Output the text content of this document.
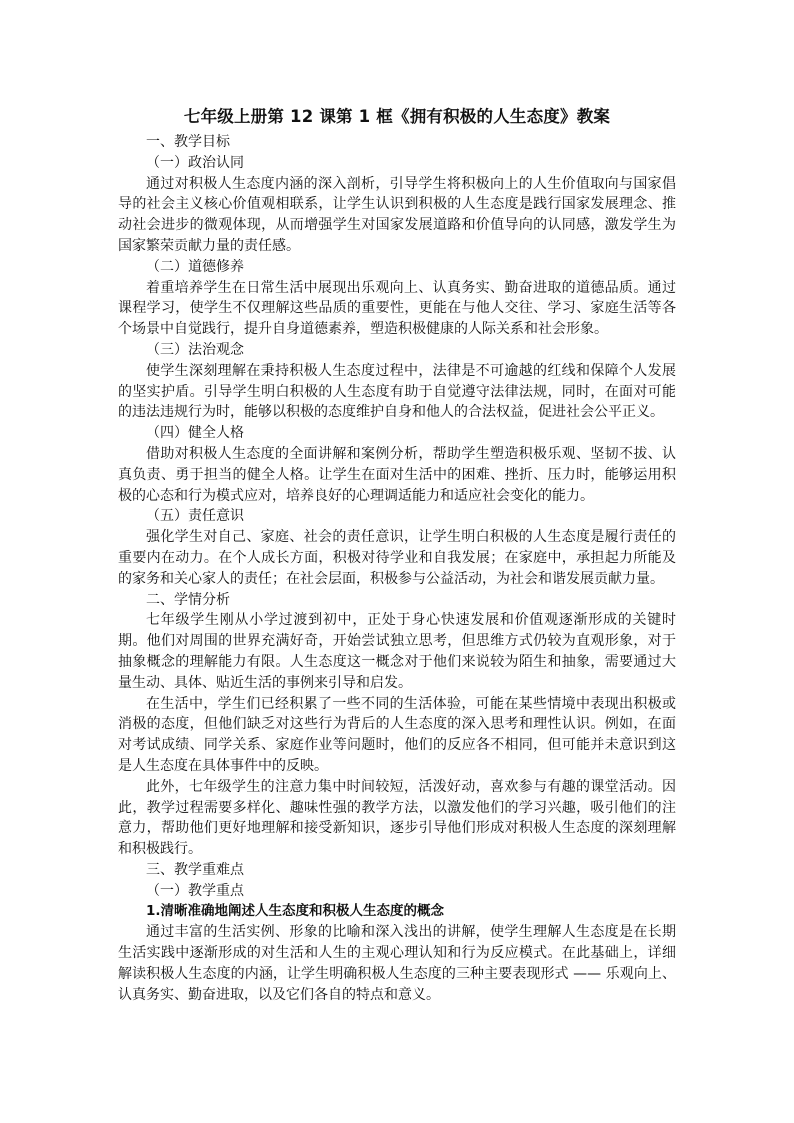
七年级上册第 12 课第 1 框《拥有积极的人生态度》教案
一、教学目标
（一）政治认同
通过对积极人生态度内涵的深入剖析，引导学生将积极向上的人生价值取向与国家倡导的社会主义核心价值观相联系，让学生认识到积极的人生态度是践行国家发展理念、推动社会进步的微观体现，从而增强学生对国家发展道路和价值导向的认同感，激发学生为国家繁荣贡献力量的责任感。
（二）道德修养
着重培养学生在日常生活中展现出乐观向上、认真务实、勤奋进取的道德品质。通过课程学习，使学生不仅理解这些品质的重要性，更能在与他人交往、学习、家庭生活等各个场景中自觉践行，提升自身道德素养，塑造积极健康的人际关系和社会形象。
（三）法治观念
使学生深刻理解在秉持积极人生态度过程中，法律是不可逾越的红线和保障个人发展的坚实护盾。引导学生明白积极的人生态度有助于自觉遵守法律法规，同时，在面对可能的违法违规行为时，能够以积极的态度维护自身和他人的合法权益，促进社会公平正义。
（四）健全人格
借助对积极人生态度的全面讲解和案例分析，帮助学生塑造积极乐观、坚韧不拔、认真负责、勇于担当的健全人格。让学生在面对生活中的困难、挫折、压力时，能够运用积极的心态和行为模式应对，培养良好的心理调适能力和适应社会变化的能力。
（五）责任意识
强化学生对自己、家庭、社会的责任意识，让学生明白积极的人生态度是履行责任的重要内在动力。在个人成长方面，积极对待学业和自我发展；在家庭中，承担起力所能及的家务和关心家人的责任；在社会层面，积极参与公益活动，为社会和谐发展贡献力量。
二、学情分析
七年级学生刚从小学过渡到初中，正处于身心快速发展和价值观逐渐形成的关键时期。他们对周围的世界充满好奇，开始尝试独立思考，但思维方式仍较为直观形象，对于抽象概念的理解能力有限。人生态度这一概念对于他们来说较为陌生和抽象，需要通过大量生动、具体、贴近生活的事例来引导和启发。
在生活中，学生们已经积累了一些不同的生活体验，可能在某些情境中表现出积极或消极的态度，但他们缺乏对这些行为背后的人生态度的深入思考和理性认识。例如，在面对考试成绩、同学关系、家庭作业等问题时，他们的反应各不相同，但可能并未意识到这是人生态度在具体事件中的反映。
此外，七年级学生的注意力集中时间较短，活泼好动，喜欢参与有趣的课堂活动。因此，教学过程需要多样化、趣味性强的教学方法，以激发他们的学习兴趣，吸引他们的注意力，帮助他们更好地理解和接受新知识，逐步引导他们形成对积极人生态度的深刻理解和积极践行。
三、教学重难点
（一）教学重点
1.清晰准确地阐述人生态度和积极人生态度的概念
通过丰富的生活实例、形象的比喻和深入浅出的讲解，使学生理解人生态度是在长期生活实践中逐渐形成的对生活和人生的主观心理认知和行为反应模式。在此基础上，详细解读积极人生态度的内涵，让学生明确积极人生态度的三种主要表现形式 —— 乐观向上、认真务实、勤奋进取，以及它们各自的特点和意义。
